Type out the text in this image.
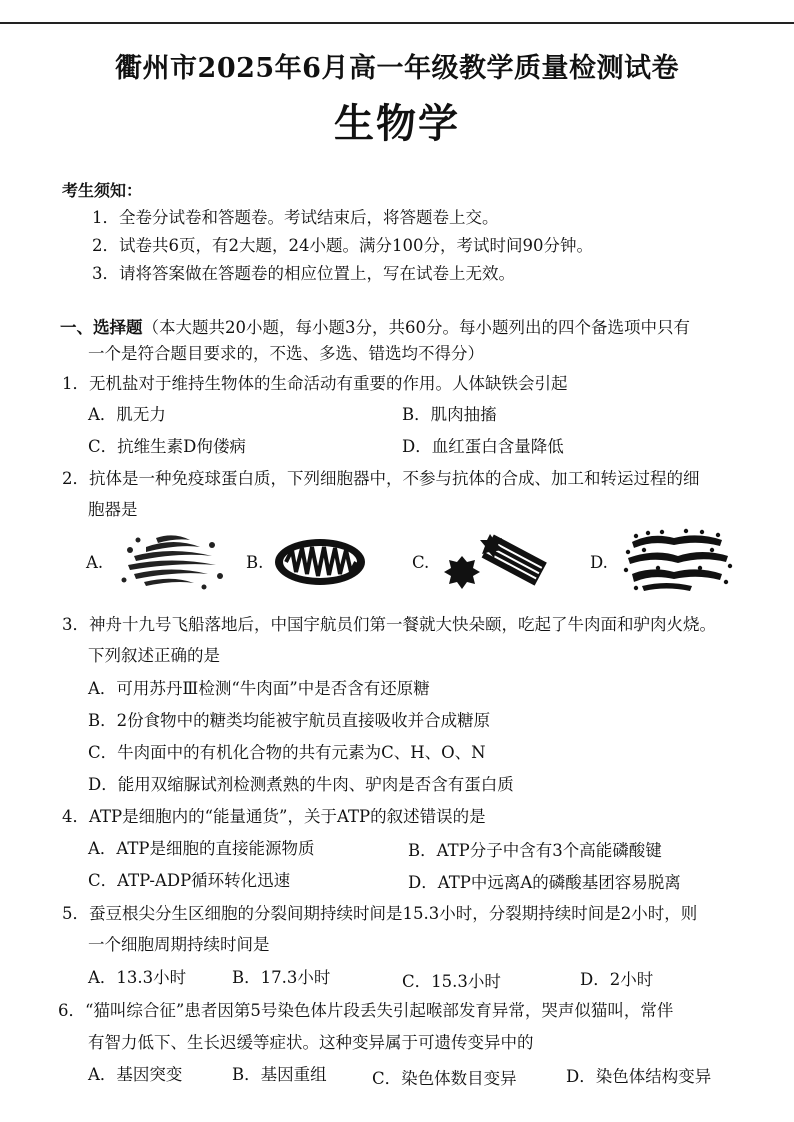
衢州市2025年6月高一年级教学质量检测试卷
生物学
考生须知：
1．全卷分试卷和答题卷。考试结束后，将答题卷上交。
2．试卷共6页，有2大题，24小题。满分100分，考试时间90分钟。
3．请将答案做在答题卷的相应位置上，写在试卷上无效。
一、选择题（本大题共20小题，每小题3分，共60分。每小题列出的四个备选项中只有
一个是符合题目要求的，不选、多选、错选均不得分）
1．无机盐对于维持生物体的生命活动有重要的作用。人体缺铁会引起
A．肌无力	B．肌肉抽搐
C．抗维生素D佝偻病	D．血红蛋白含量降低
2．抗体是一种免疫球蛋白质，下列细胞器中，不参与抗体的合成、加工和转运过程的细
胞器是
A.	B.	C.	D.
3．神舟十九号飞船落地后，中国宇航员们第一餐就大快朵颐，吃起了牛肉面和驴肉火烧。
下列叙述正确的是
A．可用苏丹Ⅲ检测“牛肉面”中是否含有还原糖
B．2份食物中的糖类均能被宇航员直接吸收并合成糖原
C．牛肉面中的有机化合物的共有元素为C、H、O、N
D．能用双缩脲试剂检测煮熟的牛肉、驴肉是否含有蛋白质
4．ATP是细胞内的“能量通货”，关于ATP的叙述错误的是
A．ATP是细胞的直接能源物质	B．ATP分子中含有3个高能磷酸键
C．ATP-ADP循环转化迅速	D．ATP中远离A的磷酸基团容易脱离
5．蚕豆根尖分生区细胞的分裂间期持续时间是15.3小时，分裂期持续时间是2小时，则
一个细胞周期持续时间是
A．13.3小时	B．17.3小时	C．15.3小时	D．2小时
6．“猫叫综合征”患者因第5号染色体片段丢失引起喉部发育异常，哭声似猫叫，常伴
有智力低下、生长迟缓等症状。这种变异属于可遗传变异中的
A．基因突变	B．基因重组	C．染色体数目变异	D．染色体结构变异
